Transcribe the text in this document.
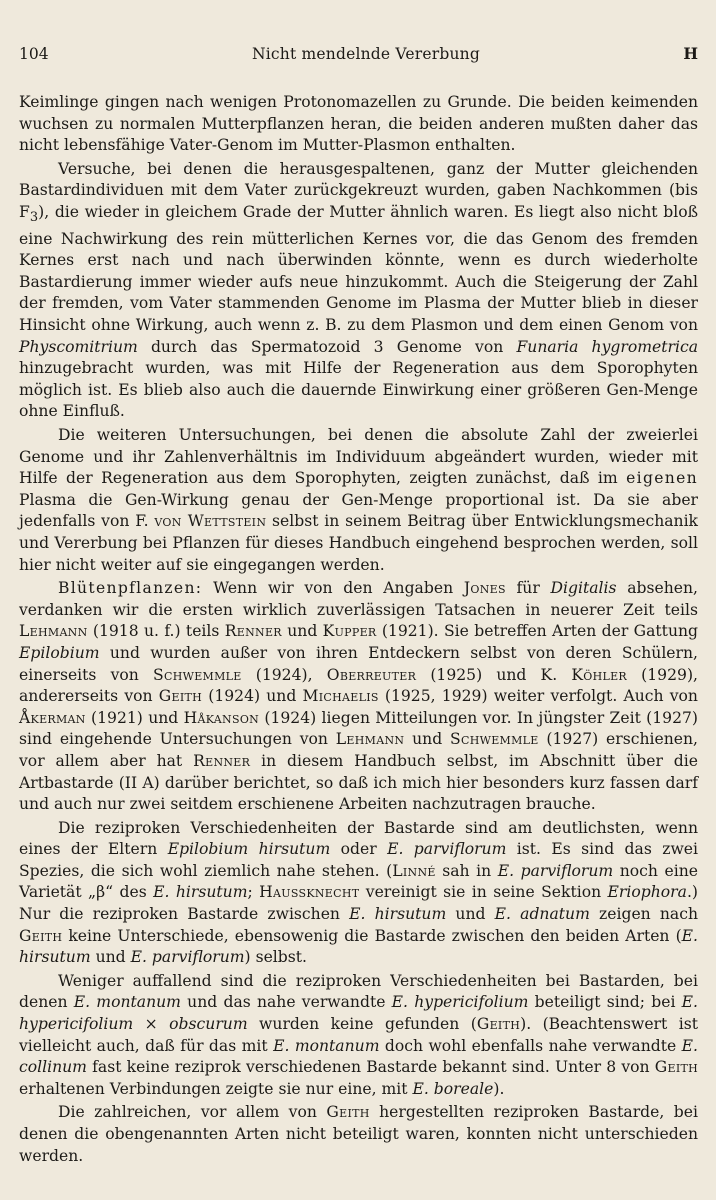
104	Nicht mendelnde Vererbung	H

Keimlinge gingen nach wenigen Protonomazellen zu Grunde. Die beiden keimenden wuchsen zu normalen Mutterpflanzen heran, die beiden anderen mußten daher das nicht lebensfähige Vater-Genom im Mutter-Plasmon enthalten.

Versuche, bei denen die herausgespaltenen, ganz der Mutter gleichenden Bastardindividuen mit dem Vater zurückgekreuzt wurden, gaben Nachkommen (bis $F_3$), die wieder in gleichem Grade der Mutter ähnlich waren. Es liegt also nicht bloß eine Nachwirkung des rein mütterlichen Kernes vor, die das Genom des fremden Kernes erst nach und nach überwinden könnte, wenn es durch wiederholte Bastardierung immer wieder aufs neue hinzukommt. Auch die Steigerung der Zahl der fremden, vom Vater stammenden Genome im Plasma der Mutter blieb in dieser Hinsicht ohne Wirkung, auch wenn z. B. zu dem Plasmon und dem einen Genom von Physcomitrium durch das Spermatozoid 3 Genome von Funaria hygrometrica hinzugebracht wurden, was mit Hilfe der Regeneration aus dem Sporophyten möglich ist. Es blieb also auch die dauernde Einwirkung einer größeren Gen-Menge ohne Einfluß.

Die weiteren Untersuchungen, bei denen die absolute Zahl der zweierlei Genome und ihr Zahlenverhältnis im Individuum abgeändert wurden, wieder mit Hilfe der Regeneration aus dem Sporophyten, zeigten zunächst, daß im eigenen Plasma die Gen-Wirkung genau der Gen-Menge proportional ist. Da sie aber jedenfalls von F. von Wettstein selbst in seinem Beitrag über Entwicklungsmechanik und Vererbung bei Pflanzen für dieses Handbuch eingehend besprochen werden, soll hier nicht weiter auf sie eingegangen werden.

Blütenpflanzen: Wenn wir von den Angaben Jones für Digitalis absehen, verdanken wir die ersten wirklich zuverlässigen Tatsachen in neuerer Zeit teils Lehmann (1918 u. f.) teils Renner und Kupper (1921). Sie betreffen Arten der Gattung Epilobium und wurden außer von ihren Entdeckern selbst von deren Schülern, einerseits von Schwemmle (1924), Oberreuter (1925) und K. Köhler (1929), andererseits von Geith (1924) und Michaelis (1925, 1929) weiter verfolgt. Auch von Åkerman (1921) und Håkanson (1924) liegen Mitteilungen vor. In jüngster Zeit (1927) sind eingehende Untersuchungen von Lehmann und Schwemmle (1927) erschienen, vor allem aber hat Renner in diesem Handbuch selbst, im Abschnitt über die Artbastarde (II A) darüber berichtet, so daß ich mich hier besonders kurz fassen darf und auch nur zwei seitdem erschienene Arbeiten nachzutragen brauche.

Die reziproken Verschiedenheiten der Bastarde sind am deutlichsten, wenn eines der Eltern Epilobium hirsutum oder E. parviflorum ist. Es sind das zwei Spezies, die sich wohl ziemlich nahe stehen. (Linné sah in E. parviflorum noch eine Varietät „β“ des E. hirsutum; Haussknecht vereinigt sie in seine Sektion Eriophora.) Nur die reziproken Bastarde zwischen E. hirsutum und E. adnatum zeigen nach Geith keine Unterschiede, ebensowenig die Bastarde zwischen den beiden Arten (E. hirsutum und E. parviflorum) selbst.

Weniger auffallend sind die reziproken Verschiedenheiten bei Bastarden, bei denen E. montanum und das nahe verwandte E. hypericifolium beteiligt sind; bei E. hypericifolium × obscurum wurden keine gefunden (Geith). (Beachtenswert ist vielleicht auch, daß für das mit E. montanum doch wohl ebenfalls nahe verwandte E. collinum fast keine reziprok verschiedenen Bastarde bekannt sind. Unter 8 von Geith erhaltenen Verbindungen zeigte sie nur eine, mit E. boreale).

Die zahlreichen, vor allem von Geith hergestellten reziproken Bastarde, bei denen die obengenannten Arten nicht beteiligt waren, konnten nicht unterschieden werden.
